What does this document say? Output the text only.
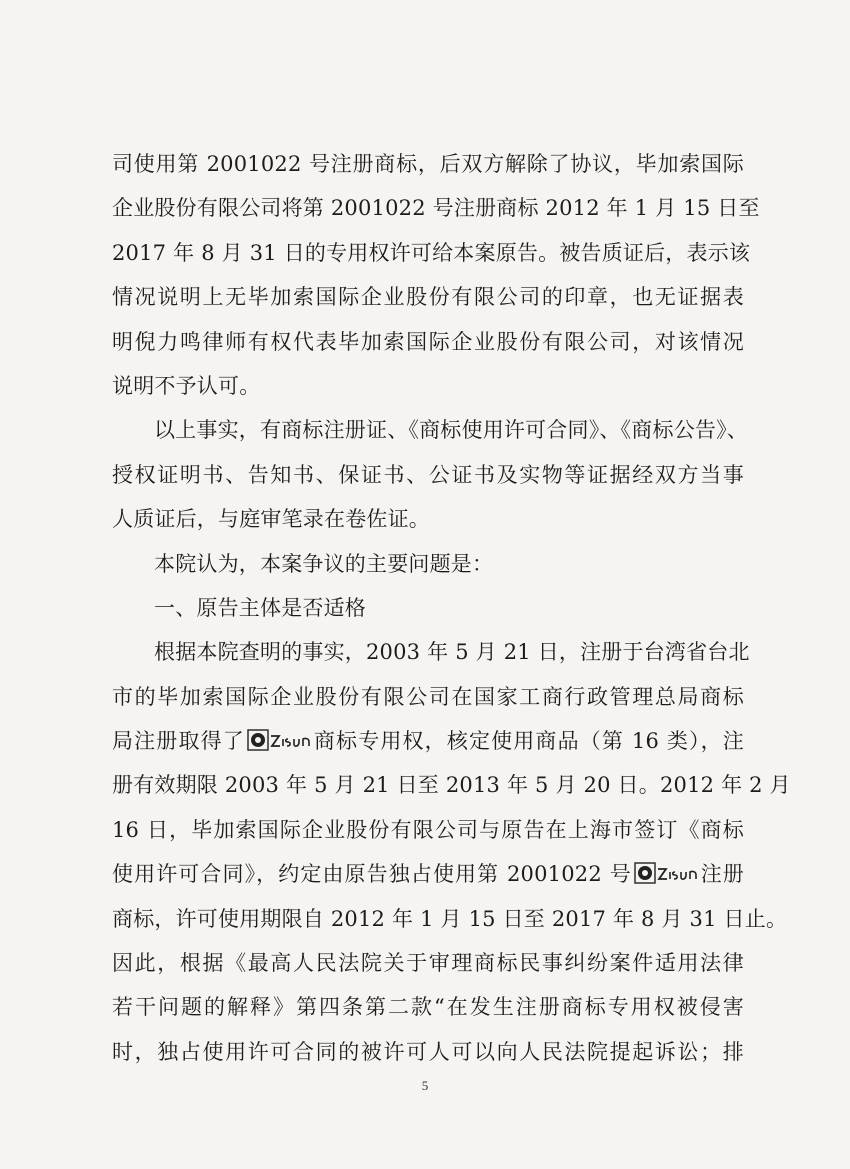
司使用第 2001022 号注册商标，后双方解除了协议，毕加索国际
企业股份有限公司将第 2001022 号注册商标 2012 年 1 月 15 日至
2017 年 8 月 31 日的专用权许可给本案原告。被告质证后，表示该
情况说明上无毕加索国际企业股份有限公司的印章，也无证据表
明倪力鸣律师有权代表毕加索国际企业股份有限公司，对该情况
说明不予认可。
以上事实，有商标注册证、《商标使用许可合同》、《商标公告》、
授权证明书、告知书、保证书、公证书及实物等证据经双方当事
人质证后，与庭审笔录在卷佐证。
本院认为，本案争议的主要问题是：
一、原告主体是否适格
根据本院查明的事实，2003 年 5 月 21 日，注册于台湾省台北
市的毕加索国际企业股份有限公司在国家工商行政管理总局商标
局注册取得了	商标专用权，核定使用商品（第 16 类），注
册有效期限 2003 年 5 月 21 日至 2013 年 5 月 20 日。2012 年 2 月
16 日，毕加索国际企业股份有限公司与原告在上海市签订《商标
使用许可合同》，约定由原告独占使用第 2001022 号	注册
商标，许可使用期限自 2012 年 1 月 15 日至 2017 年 8 月 31 日止。
因此，根据《最高人民法院关于审理商标民事纠纷案件适用法律
若干问题的解释》第四条第二款“在发生注册商标专用权被侵害
时，独占使用许可合同的被许可人可以向人民法院提起诉讼；排
5
